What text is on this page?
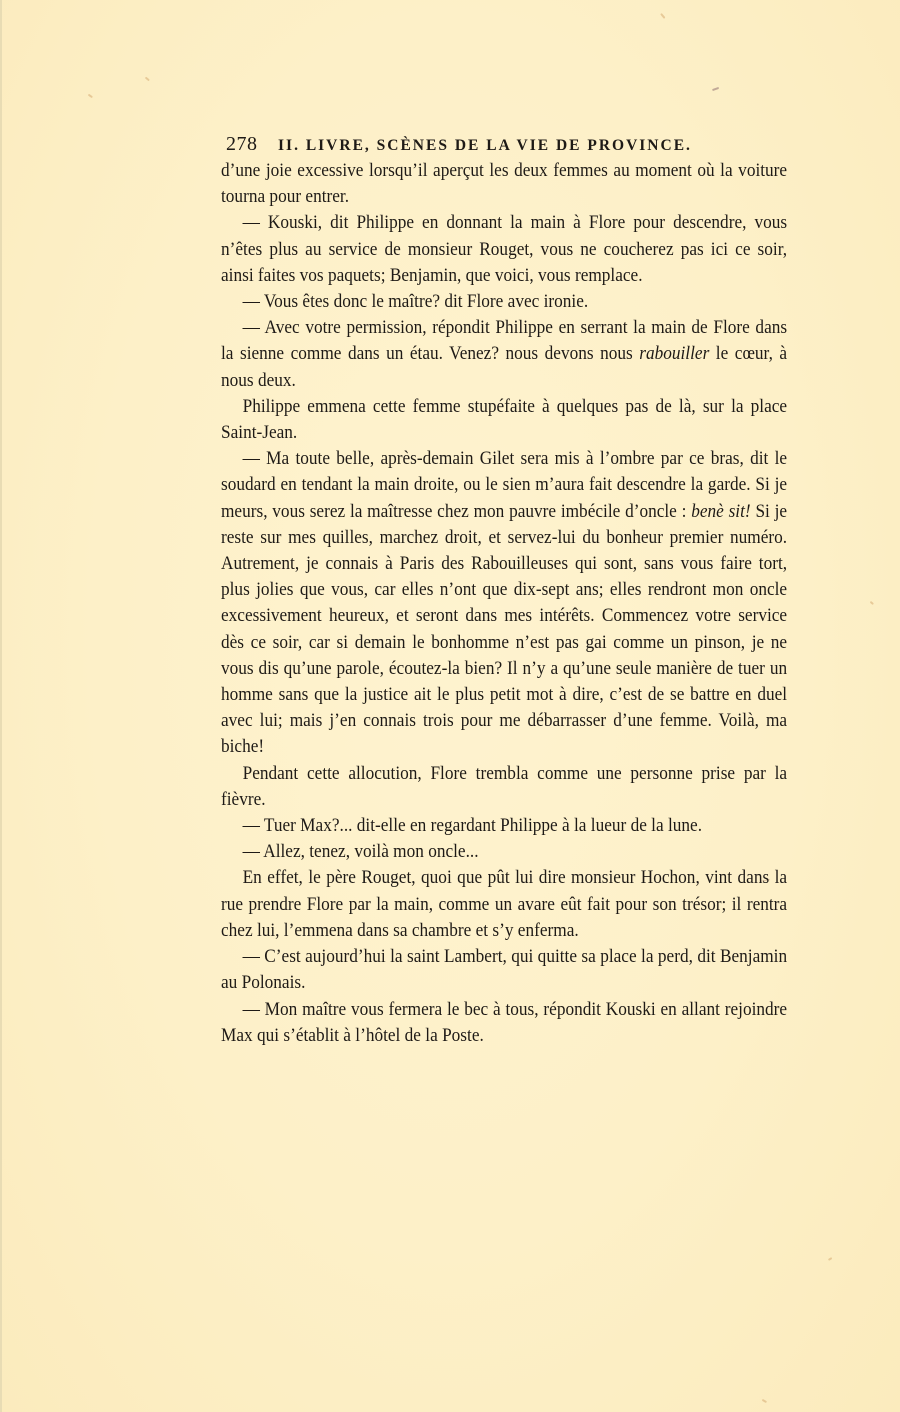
278	II. LIVRE, SCÈNES DE LA VIE DE PROVINCE.

d’une joie excessive lorsqu’il aperçut les deux femmes au moment où la voiture tourna pour entrer.

— Kouski, dit Philippe en donnant la main à Flore pour descendre, vous n’êtes plus au service de monsieur Rouget, vous ne coucherez pas ici ce soir, ainsi faites vos paquets; Benjamin, que voici, vous remplace.

— Vous êtes donc le maître? dit Flore avec ironie.

— Avec votre permission, répondit Philippe en serrant la main de Flore dans la sienne comme dans un étau. Venez? nous devons nous rabouiller le cœur, à nous deux.

Philippe emmena cette femme stupéfaite à quelques pas de là, sur la place Saint-Jean.

— Ma toute belle, après-demain Gilet sera mis à l’ombre par ce bras, dit le soudard en tendant la main droite, ou le sien m’aura fait descendre la garde. Si je meurs, vous serez la maîtresse chez mon pauvre imbécile d’oncle : benè sit! Si je reste sur mes quilles, marchez droit, et servez-lui du bonheur premier numéro. Autrement, je connais à Paris des Rabouilleuses qui sont, sans vous faire tort, plus jolies que vous, car elles n’ont que dix-sept ans; elles rendront mon oncle excessivement heureux, et seront dans mes intérêts. Commencez votre service dès ce soir, car si demain le bonhomme n’est pas gai comme un pinson, je ne vous dis qu’une parole, écoutez-la bien? Il n’y a qu’une seule manière de tuer un homme sans que la justice ait le plus petit mot à dire, c’est de se battre en duel avec lui; mais j’en connais trois pour me débarrasser d’une femme. Voilà, ma biche!

Pendant cette allocution, Flore trembla comme une personne prise par la fièvre.

— Tuer Max?... dit-elle en regardant Philippe à la lueur de la lune.

— Allez, tenez, voilà mon oncle...

En effet, le père Rouget, quoi que pût lui dire monsieur Hochon, vint dans la rue prendre Flore par la main, comme un avare eût fait pour son trésor; il rentra chez lui, l’emmena dans sa chambre et s’y enferma.

— C’est aujourd’hui la saint Lambert, qui quitte sa place la perd, dit Benjamin au Polonais.

— Mon maître vous fermera le bec à tous, répondit Kouski en allant rejoindre Max qui s’établit à l’hôtel de la Poste.
